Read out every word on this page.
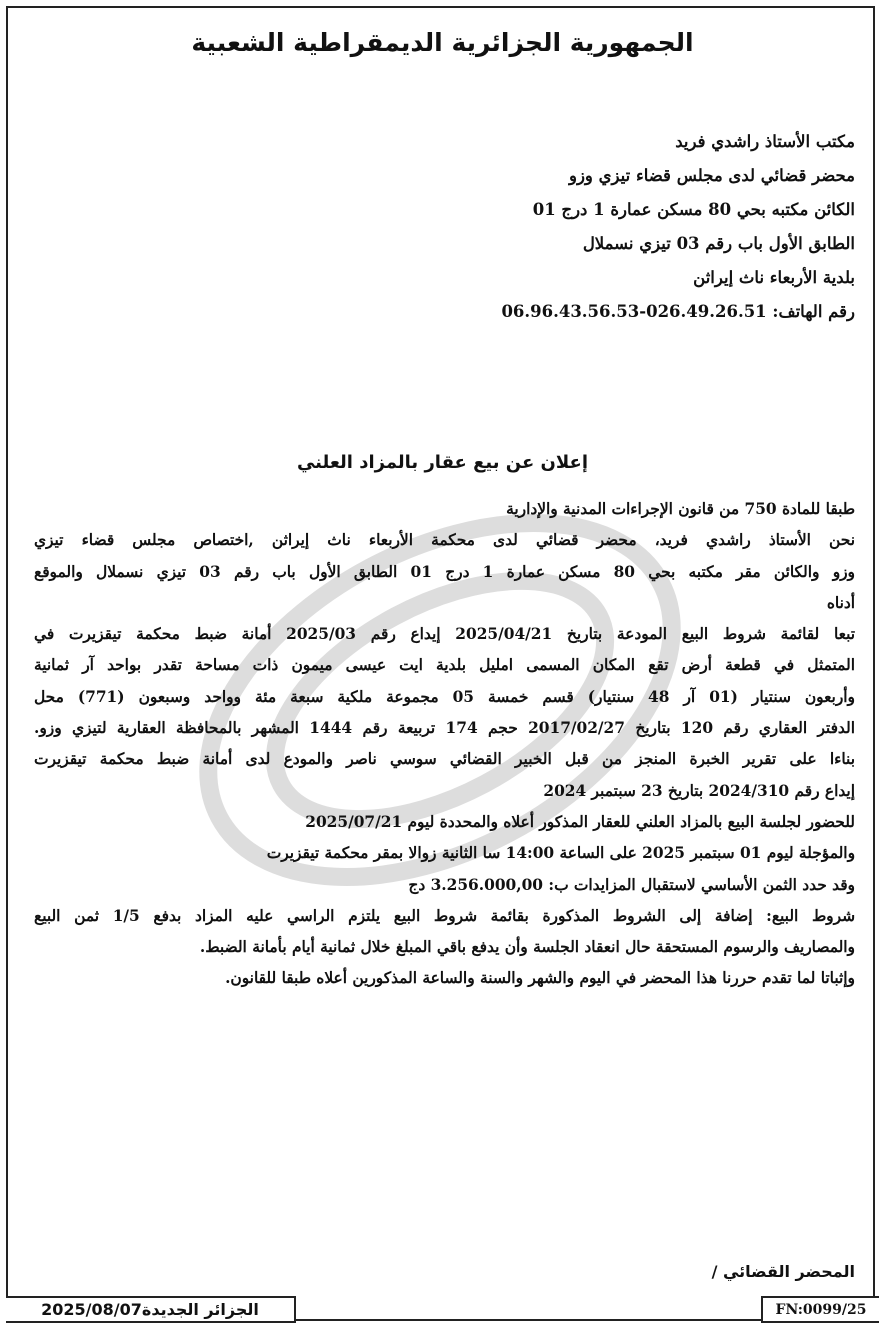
الجمهورية الجزائرية الديمقراطية الشعبية
مكتب الأستاذ راشدي فريد
محضر قضائي لدى مجلس قضاء تيزي وزو
الكائن مكتبه بحي 80 مسكن عمارة 1 درج 01
الطابق الأول باب رقم 03 تيزي نسملال
بلدية الأربعاء ناث إيراثن
رقم الهاتف: 026.49.26.51-06.96.43.56.53
إعلان عن بيع عقار بالمزاد العلني
طبقا للمادة 750 من قانون الإجراءات المدنية والإدارية
نحن الأستاذ راشدي فريد، محضر قضائي لدى محكمة الأربعاء ناث إيراثن ,اختصاص مجلس قضاء تيزي
وزو والكائن مقر مكتبه بحي 80 مسكن عمارة 1 درج 01 الطابق الأول باب رقم 03 تيزي نسملال والموقع
أدناه
تبعا لقائمة شروط البيع المودعة بتاريخ 2025/04/21 إيداع رقم 2025/03 أمانة ضبط محكمة تيقزيرت في
المتمثل في قطعة أرض تقع المكان المسمى امليل بلدية ايت عيسى ميمون ذات مساحة تقدر بواحد آر ثمانية
وأربعون سنتيار (01 آر 48 سنتيار) قسم خمسة 05 مجموعة ملكية سبعة مئة وواحد وسبعون (771) محل
الدفتر العقاري رقم 120 بتاريخ 2017/02/27 حجم 174 تربيعة رقم 1444 المشهر بالمحافظة العقارية لتيزي وزو.
بناءا على تقرير الخبرة المنجز من قبل الخبير القضائي سوسي ناصر والمودع لدى أمانة ضبط محكمة تيقزيرت
إيداع رقم 2024/310 بتاريخ 23 سبتمبر 2024
للحضور لجلسة البيع بالمزاد العلني للعقار المذكور أعلاه والمحددة ليوم 2025/07/21
والمؤجلة ليوم 01 سبتمبر 2025 على الساعة 14:00 سا الثانية زوالا بمقر محكمة تيقزيرت
وقد حدد الثمن الأساسي لاستقبال المزايدات ب: 3.256.000,00 دج
شروط البيع: إضافة إلى الشروط المذكورة بقائمة شروط البيع يلتزم الراسي عليه المزاد بدفع 1/5 ثمن البيع
والمصاريف والرسوم المستحقة حال انعقاد الجلسة وأن يدفع باقي المبلغ خلال ثمانية أيام بأمانة الضبط.
وإثباتا لما تقدم حررنا هذا المحضر في اليوم والشهر والسنة والساعة المذكورين أعلاه طبقا للقانون.
المحضر القضائي /
الجزائر الجديدة2025/08/07	FN:0099/25
